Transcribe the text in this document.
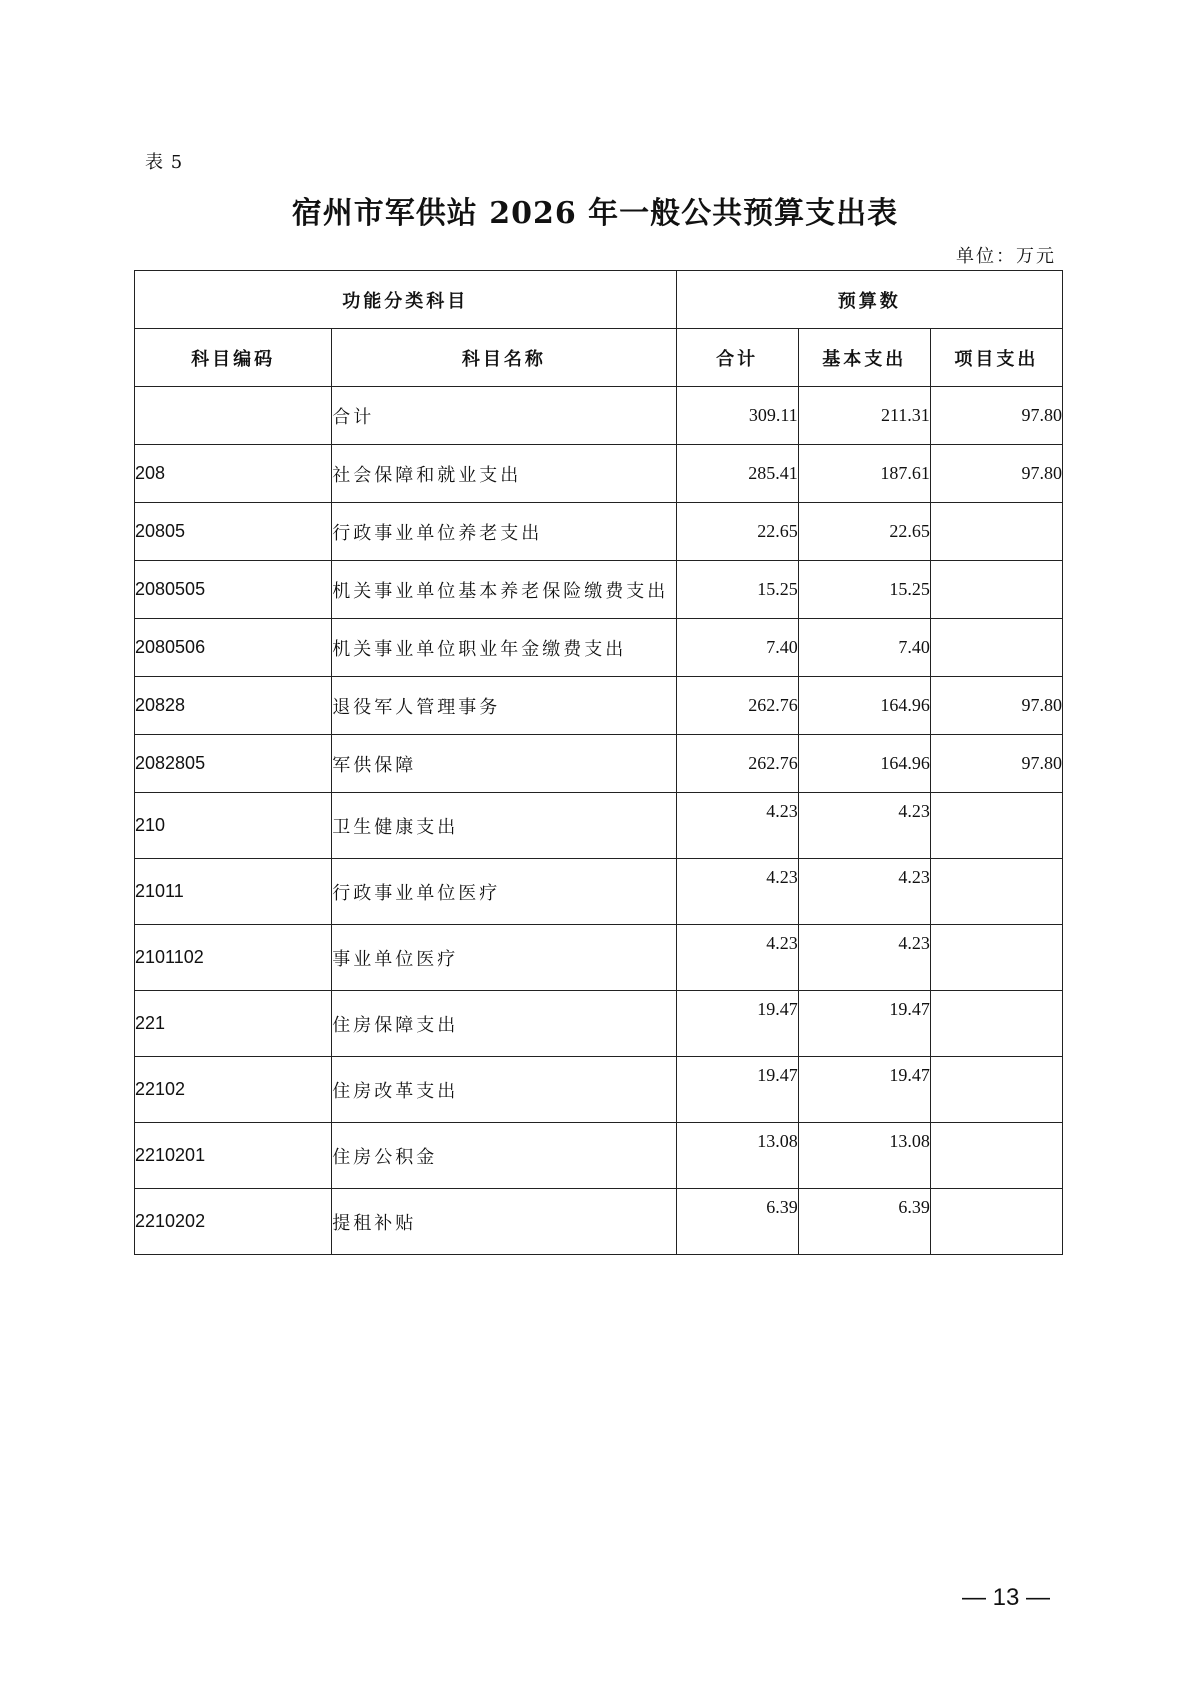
表 5
宿州市军供站 2026 年一般公共预算支出表
单位：万元
功能分类科目		预算数		
科目编码	科目名称	合计	基本支出	项目支出
	合计	309.11	211.31	97.80
208	社会保障和就业支出	285.41	187.61	97.80
20805	行政事业单位养老支出	22.65	22.65	
2080505	机关事业单位基本养老保险缴费支出	15.25	15.25	
2080506	机关事业单位职业年金缴费支出	7.40	7.40	
20828	退役军人管理事务	262.76	164.96	97.80
2082805	军供保障	262.76	164.96	97.80
210	卫生健康支出	4.23	4.23	
21011	行政事业单位医疗	4.23	4.23	
2101102	事业单位医疗	4.23	4.23	
221	住房保障支出	19.47	19.47	
22102	住房改革支出	19.47	19.47	
2210201	住房公积金	13.08	13.08	
2210202	提租补贴	6.39	6.39	
— 13 —
